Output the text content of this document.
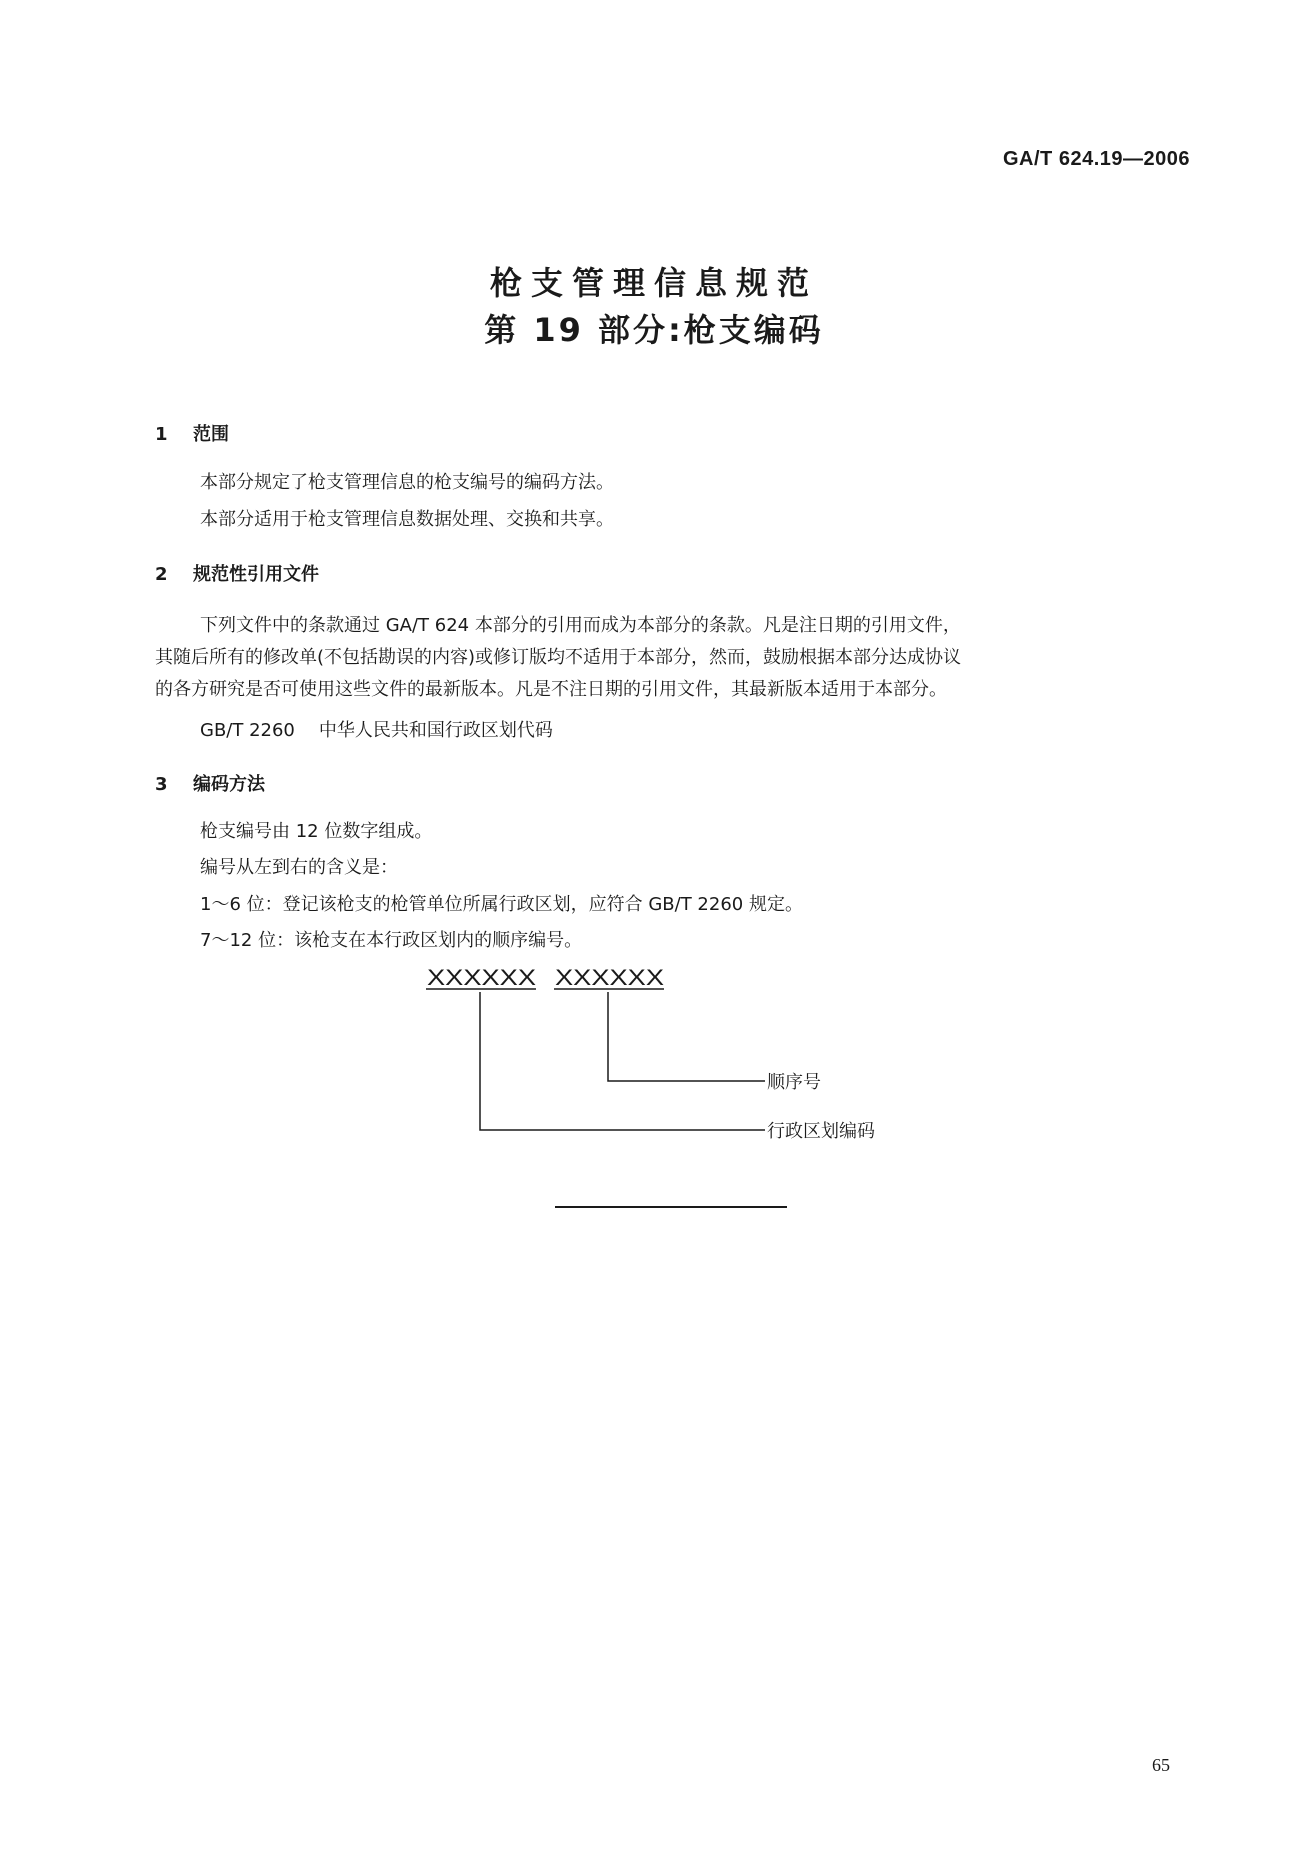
GA/T 624.19—2006
枪支管理信息规范
第 19 部分:枪支编码
1 范围
本部分规定了枪支管理信息的枪支编号的编码方法。
本部分适用于枪支管理信息数据处理、交换和共享。
2 规范性引用文件

下列文件中的条款通过 GA/T 624 本部分的引用而成为本部分的条款。凡是注日期的引用文件，

其随后所有的修改单(不包括勘误的内容)或修订版均不适用于本部分，然而，鼓励根据本部分达成协议

的各方研究是否可使用这些文件的最新版本。凡是不注日期的引用文件，其最新版本适用于本部分。

GB/T 2260 中华人民共和国行政区划代码
3 编码方法
枪支编号由 12 位数字组成。
编号从左到右的含义是：
1～6 位：登记该枪支的枪管单位所属行政区划，应符合 GB/T 2260 规定。
7～12 位：该枪支在本行政区划内的顺序编号。
XXXXXX XXXXXX
顺序号
行政区划编码
65
